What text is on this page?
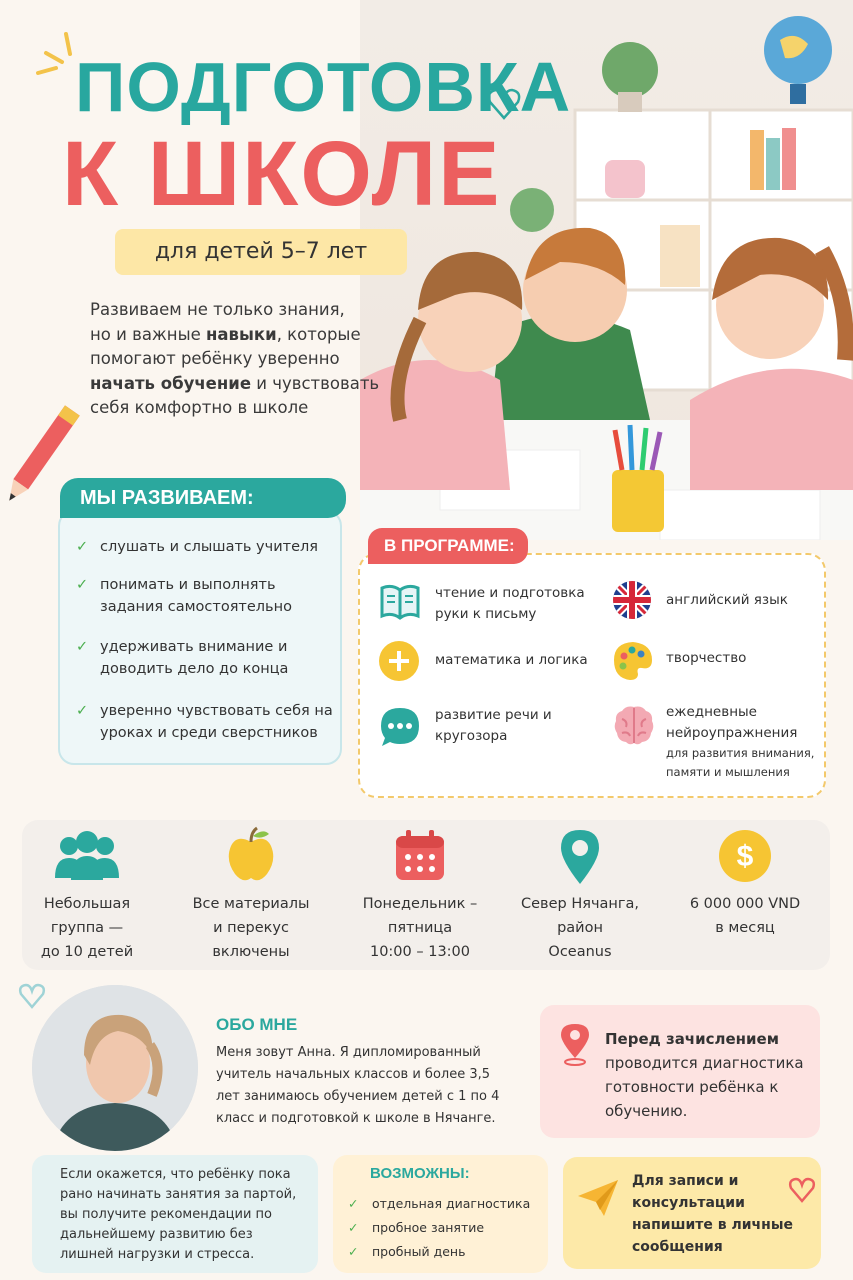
ПОДГОТОВКА
К ШКОЛЕ
для детей 5–7 лет
Развиваем не только знания,
но и важные навыки, которые
помогают ребёнку уверенно
начать обучение и чувствовать
себя комфортно в школе
МЫ РАЗВИВАЕМ:
✓ слушать и слышать учителя
✓ понимать и выполнять задания самостоятельно
✓ удерживать внимание и доводить дело до конца
✓ уверенно чувствовать себя на уроках и среди сверстников
В ПРОГРАММЕ:
чтение и подготовка руки к письму
английский язык
математика и логика	творчество
развитие речи и кругозора
ежедневные нейроупражнения
для развития внимания, памяти и мышления
Небольшая
группа —
до 10 детей
Все материалы
и перекус
включены
Понедельник –
пятница
10:00 – 13:00
Север Нячанга,
район
Oceanus
$
6 000 000 VND
в месяц
ОБО МНЕ
Меня зовут Анна. Я дипломированный учитель начальных классов и более 3,5 лет занимаюсь обучением детей с 1 по 4 класс и подготовкой к школе в Нячанге.
Перед зачислением
проводится диагностика готовности ребёнка к обучению.
Если окажется, что ребёнку пока рано начинать занятия за партой, вы получите рекомендации по дальнейшему развитию без лишней нагрузки и стресса.
ВОЗМОЖНЫ:
✓ отдельная диагностика
✓ пробное занятие
✓ пробный день
Для записи и консультации напишите в личные сообщения
